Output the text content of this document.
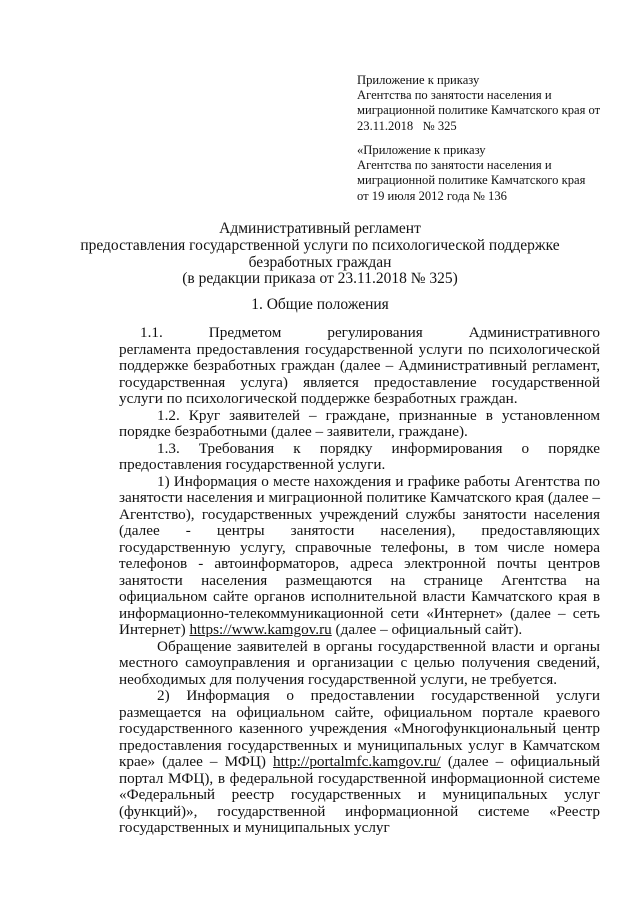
Приложение к приказу

Агентства по занятости населения и

миграционной политике Камчатского края от

23.11.2018   № 325

«Приложение к приказу

Агентства по занятости населения и

миграционной политике Камчатского края

от 19 июля 2012 года № 136

Административный регламент

предоставления государственной услуги по психологической поддержке

безработных граждан

(в редакции приказа от 23.11.2018 № 325)

1. Общие положения

1.1.     Предметом     регулирования     Административного     регламента предоставления государственной услуги по психологической поддержке безработных граждан (далее – Административный регламент, государственная услуга) является предоставление государственной услуги по психологической поддержке безработных граждан.

1.2. Круг заявителей – граждане, признанные в установленном порядке безработными (далее – заявители, граждане).

1.3. Требования к порядку информирования о порядке предоставления государственной услуги.

1) Информация о месте нахождения и графике работы Агентства по занятости населения и миграционной политике Камчатского края (далее – Агентство), государственных учреждений службы занятости населения (далее - центры занятости населения), предоставляющих государственную услугу, справочные телефоны, в том числе номера телефонов - автоинформаторов, адреса электронной почты центров занятости населения размещаются на странице Агентства на официальном сайте органов исполнительной власти Камчатского края в информационно-телекоммуникационной сети «Интернет» (далее – сеть Интернет) https://www.kamgov.ru (далее – официальный сайт).

Обращение заявителей в органы государственной власти и органы местного самоуправления и организации с целью получения сведений, необходимых для получения государственной услуги, не требуется.

2) Информация о предоставлении государственной услуги размещается на официальном сайте, официальном портале краевого государственного казенного учреждения «Многофункциональный центр предоставления государственных и муниципальных услуг в Камчатском крае» (далее – МФЦ) http://portalmfc.kamgov.ru/ (далее – официальный портал МФЦ), в федеральной государственной информационной системе «Федеральный реестр государственных и муниципальных услуг (функций)», государственной информационной системе «Реестр государственных и муниципальных услуг
